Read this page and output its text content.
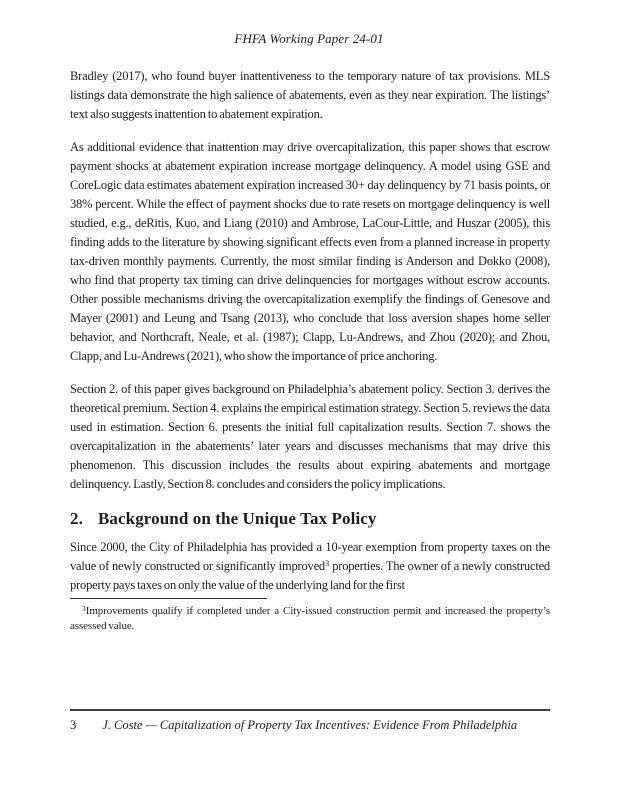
FHFA Working Paper 24-01

Bradley (2017), who found buyer inattentiveness to the temporary nature of tax provisions. MLS listings data demonstrate the high salience of abatements, even as they near expiration. The listings’ text also suggests inattention to abatement expiration.

As additional evidence that inattention may drive overcapitalization, this paper shows that escrow payment shocks at abatement expiration increase mortgage delinquency. A model using GSE and CoreLogic data estimates abatement expiration increased 30+ day delinquency by 71 basis points, or 38% percent. While the effect of payment shocks due to rate resets on mortgage delinquency is well studied, e.g., deRitis, Kuo, and Liang (2010) and Ambrose, LaCour-Little, and Huszar (2005), this finding adds to the literature by showing significant effects even from a planned increase in property tax-driven monthly payments. Currently, the most similar finding is Anderson and Dokko (2008), who find that property tax timing can drive delinquencies for mortgages without escrow accounts. Other possible mechanisms driving the overcapitalization exemplify the findings of Genesove and Mayer (2001) and Leung and Tsang (2013), who conclude that loss aversion shapes home seller behavior, and Northcraft, Neale, et al. (1987); Clapp, Lu-Andrews, and Zhou (2020); and Zhou, Clapp, and Lu-Andrews (2021), who show the importance of price anchoring.

Section 2. of this paper gives background on Philadelphia’s abatement policy. Section 3. derives the theoretical premium. Section 4. explains the empirical estimation strategy. Section 5. reviews the data used in estimation. Section 6. presents the initial full capitalization results. Section 7. shows the overcapitalization in the abatements’ later years and discusses mechanisms that may drive this phenomenon. This discussion includes the results about expiring abatements and mortgage delinquency. Lastly, Section 8. concludes and considers the policy implications.

2. Background on the Unique Tax Policy

Since 2000, the City of Philadelphia has provided a 10-year exemption from property taxes on the value of newly constructed or significantly improved$^3$ properties. The owner of a newly constructed property pays taxes on only the value of the underlying land for the first

$^3$Improvements qualify if completed under a City-issued construction permit and increased the property’s assessed value.
3 J. Coste — Capitalization of Property Tax Incentives: Evidence From Philadelphia
